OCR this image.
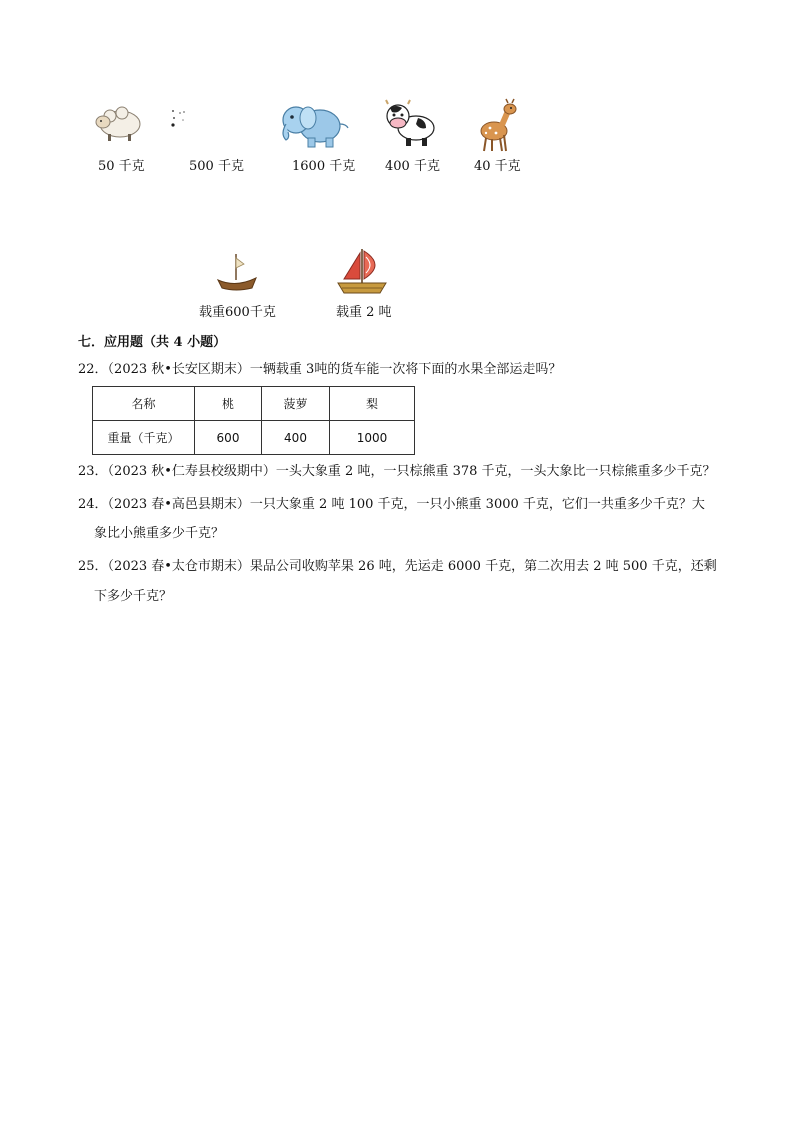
50 千克	500 千克	1600 千克 400 千克	40 千克
载重600千克	载重 2 吨
七．应用题（共 4 小题）
22．（2023 秋•长安区期末）一辆载重 3吨的货车能一次将下面的水果全部运走吗？
名称	桃	菠萝	梨
重量（千克）	600	400	1000
23．（2023 秋•仁寿县校级期中）一头大象重 2 吨，一只棕熊重 378 千克，一头大象比一只棕熊重多少千克？
24．（2023 春•高邑县期末）一只大象重 2 吨 100 千克，一只小熊重 3000 千克，它们一共重多少千克？大
象比小熊重多少千克？
25．（2023 春•太仓市期末）果品公司收购苹果 26 吨，先运走 6000 千克，第二次用去 2 吨 500 千克，还剩
下多少千克？
